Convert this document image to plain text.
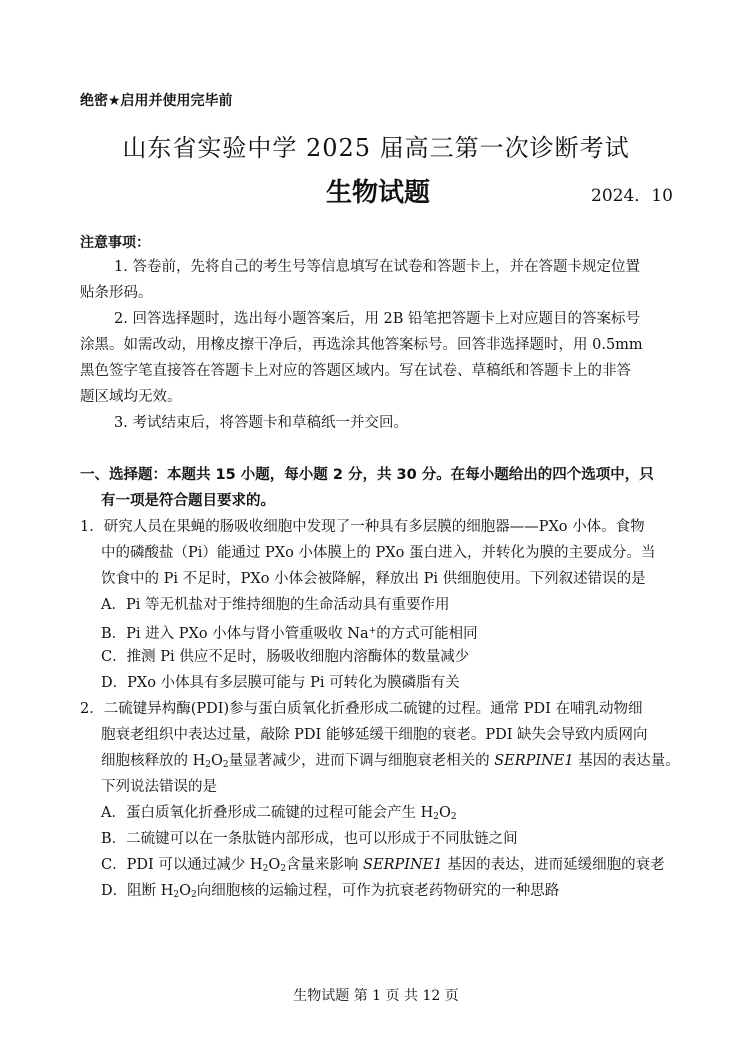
绝密★启用并使用完毕前
山东省实验中学 2025 届高三第一次诊断考试
生物试题	2024．10
注意事项：
1. 答卷前，先将自己的考生号等信息填写在试卷和答题卡上，并在答题卡规定位置
贴条形码。
2. 回答选择题时，选出每小题答案后，用 2B 铅笔把答题卡上对应题目的答案标号
涂黑。如需改动，用橡皮擦干净后，再选涂其他答案标号。回答非选择题时，用 0.5mm
黑色签字笔直接答在答题卡上对应的答题区域内。写在试卷、草稿纸和答题卡上的非答
题区域均无效。
3. 考试结束后，将答题卡和草稿纸一并交回。
一、选择题：本题共 15 小题，每小题 2 分，共 30 分。在每小题给出的四个选项中，只
有一项是符合题目要求的。
1．研究人员在果蝇的肠吸收细胞中发现了一种具有多层膜的细胞器——PXo 小体。食物
中的磷酸盐（Pi）能通过 PXo 小体膜上的 PXo 蛋白进入，并转化为膜的主要成分。当
饮食中的 Pi 不足时，PXo 小体会被降解，释放出 Pi 供细胞使用。下列叙述错误的是
A．Pi 等无机盐对于维持细胞的生命活动具有重要作用
B．Pi 进入 PXo 小体与肾小管重吸收 Na+的方式可能相同
C．推测 Pi 供应不足时，肠吸收细胞内溶酶体的数量减少
D．PXo 小体具有多层膜可能与 Pi 可转化为膜磷脂有关
2．二硫键异构酶(PDI)参与蛋白质氧化折叠形成二硫键的过程。通常 PDI 在哺乳动物细
胞衰老组织中表达过量，敲除 PDI 能够延缓干细胞的衰老。PDI 缺失会导致内质网向
细胞核释放的 $H_2O_2$量显著减少，进而下调与细胞衰老相关的 SERPINE1 基因的表达量。
下列说法错误的是
A．蛋白质氧化折叠形成二硫键的过程可能会产生 $H_2O_2$
B．二硫键可以在一条肽链内部形成，也可以形成于不同肽链之间
C．PDI 可以通过减少 $H_2O_2$含量来影响 SERPINE1 基因的表达，进而延缓细胞的衰老
D．阻断 $H_2O_2$向细胞核的运输过程，可作为抗衰老药物研究的一种思路
生物试题 第 1 页 共 12 页
